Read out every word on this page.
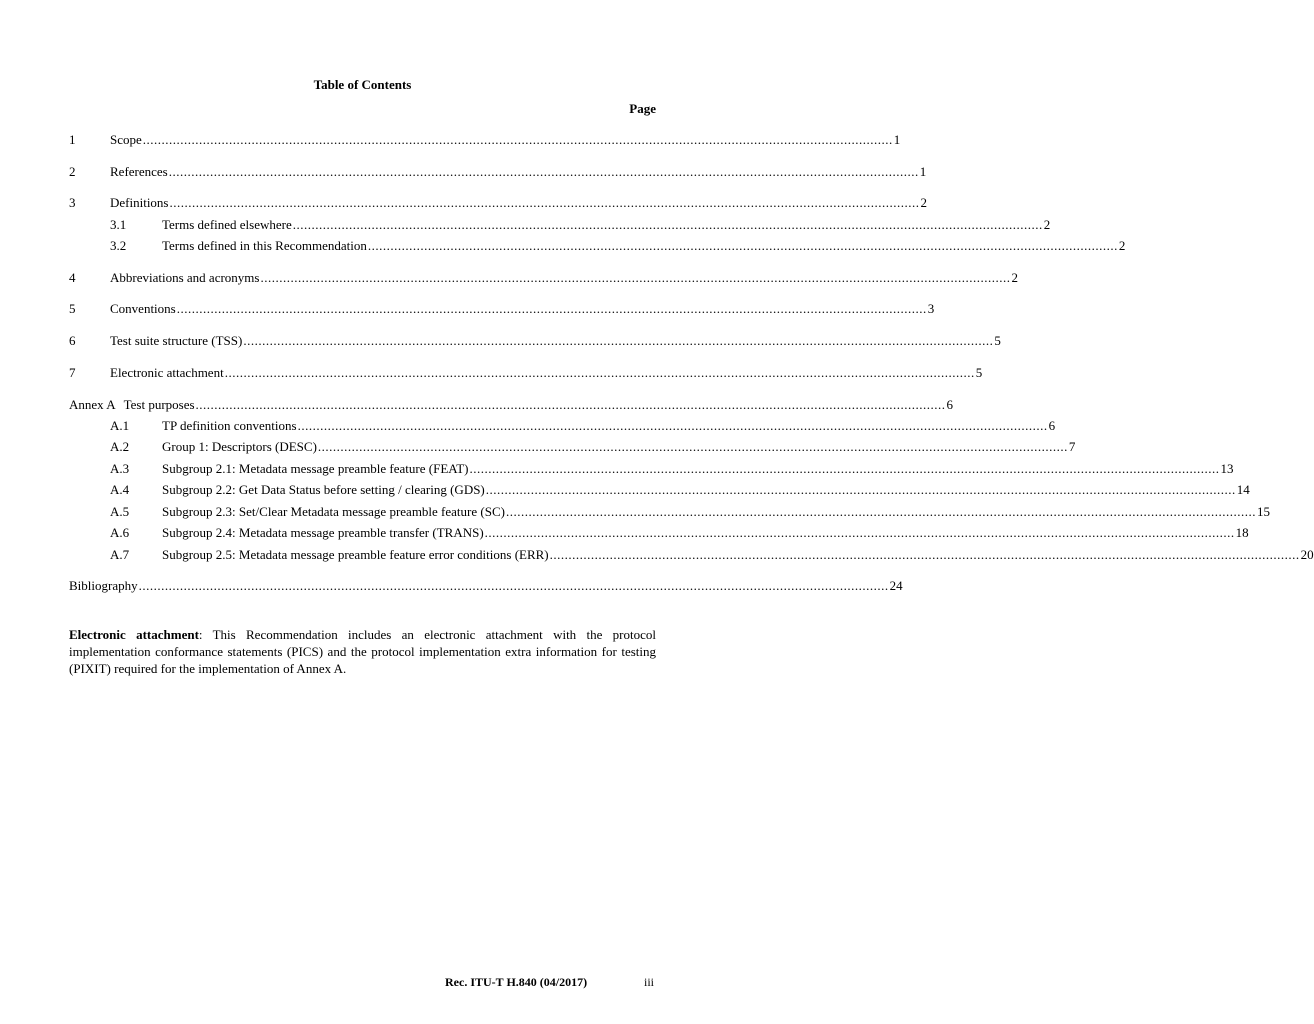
Table of Contents
Page
1	Scope ........................................................................................................................................................................................................ 1
2	References ........................................................................................................................................................................................................ 1
3	Definitions ........................................................................................................................................................................................................ 2
3.1	Terms defined elsewhere ........................................................................................................................................................................................................ 2
3.2	Terms defined in this Recommendation ........................................................................................................................................................................................................ 2
4	Abbreviations and acronyms ........................................................................................................................................................................................................ 2
5	Conventions ........................................................................................................................................................................................................ 3
6	Test suite structure (TSS) ........................................................................................................................................................................................................ 5
7	Electronic attachment ........................................................................................................................................................................................................ 5
Annex A Test purposes ........................................................................................................................................................................................................ 6
A.1	TP definition conventions ........................................................................................................................................................................................................ 6
A.2	Group 1: Descriptors (DESC) ........................................................................................................................................................................................................ 7
A.3	Subgroup 2.1: Metadata message preamble feature (FEAT) ........................................................................................................................................................................................................ 13
A.4	Subgroup 2.2: Get Data Status before setting / clearing (GDS) ........................................................................................................................................................................................................ 14
A.5	Subgroup 2.3: Set/Clear Metadata message preamble feature (SC) ........................................................................................................................................................................................................ 15
A.6	Subgroup 2.4: Metadata message preamble transfer (TRANS) ........................................................................................................................................................................................................ 18
A.7	Subgroup 2.5: Metadata message preamble feature error conditions (ERR) ........................................................................................................................................................................................................ 20
Bibliography ........................................................................................................................................................................................................ 24

Electronic attachment: This Recommendation includes an electronic attachment with the protocol implementation conformance statements (PICS) and the protocol implementation extra information for testing (PIXIT) required for the implementation of Annex A.

Rec. ITU-T H.840 (04/2017)	iii
